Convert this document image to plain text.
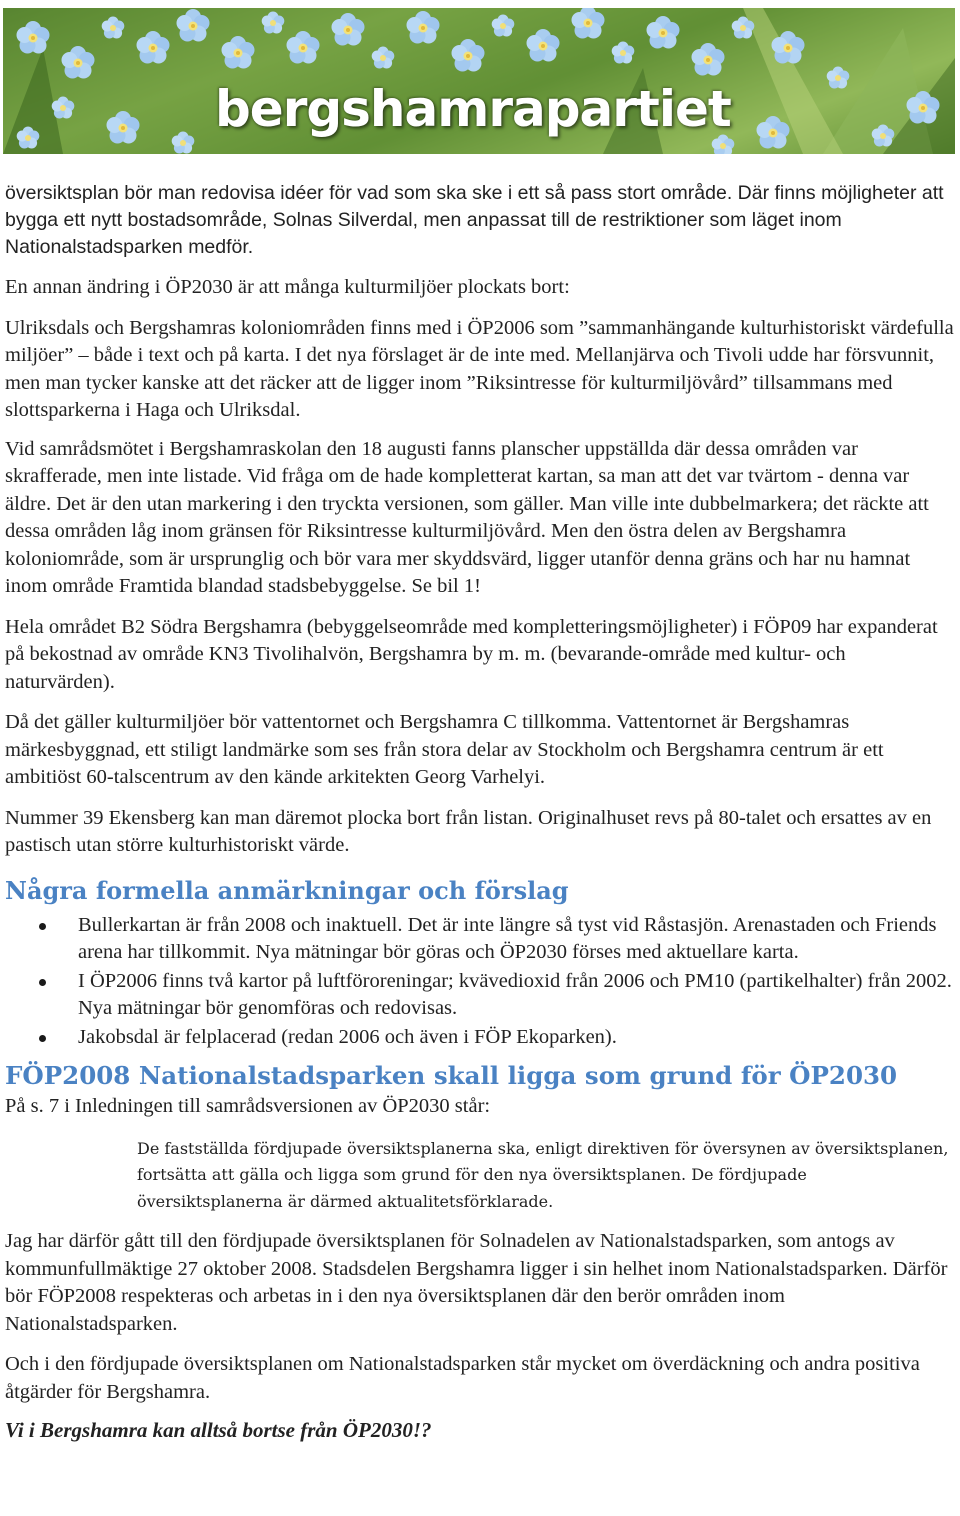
bergshamrapartiet

översiktsplan bör man redovisa idéer för vad som ska ske i ett så pass stort område. Där finns möjligheter att bygga ett nytt bostadsområde, Solnas Silverdal, men anpassat till de restriktioner som läget inom Nationalstadsparken medför.

En annan ändring i ÖP2030 är att många kulturmiljöer plockats bort:

Ulriksdals och Bergshamras koloniområden finns med i ÖP2006 som ”sammanhängande kulturhistoriskt värdefulla miljöer” – både i text och på karta. I det nya förslaget är de inte med. Mellanjärva och Tivoli udde har försvunnit, men man tycker kanske att det räcker att de ligger inom ”Riksintresse för kulturmiljövård” tillsammans med slottsparkerna i Haga och Ulriksdal.

Vid samrådsmötet i Bergshamraskolan den 18 augusti fanns planscher uppställda där dessa områden var skrafferade, men inte listade. Vid fråga om de hade kompletterat kartan, sa man att det var tvärtom - denna var äldre. Det är den utan markering i den tryckta versionen, som gäller. Man ville inte dubbelmarkera; det räckte att dessa områden låg inom gränsen för Riksintresse kulturmiljövård. Men den östra delen av Bergshamra koloniområde, som är ursprunglig och bör vara mer skyddsvärd, ligger utanför denna gräns och har nu hamnat inom område Framtida blandad stadsbebyggelse. Se bil 1!

Hela området B2 Södra Bergshamra (bebyggelseområde med kompletteringsmöjligheter) i FÖP09 har expanderat på bekostnad av område KN3 Tivolihalvön, Bergshamra by m. m. (bevarande-område med kultur- och naturvärden).

Då det gäller kulturmiljöer bör vattentornet och Bergshamra C tillkomma. Vattentornet är Bergshamras märkesbyggnad, ett stiligt landmärke som ses från stora delar av Stockholm och Bergshamra centrum är ett ambitiöst 60-talscentrum av den kände arkitekten Georg Varhelyi.

Nummer 39 Ekensberg kan man däremot plocka bort från listan. Originalhuset revs på 80-talet och ersattes av en pastisch utan större kulturhistoriskt värde.

Några formella anmärkningar och förslag
Bullerkartan är från 2008 och inaktuell. Det är inte längre så tyst vid Råstasjön. Arenastaden och Friends arena har tillkommit. Nya mätningar bör göras och ÖP2030 förses med aktuellare karta.
I ÖP2006 finns två kartor på luftföroreningar; kvävedioxid från 2006 och PM10 (partikelhalter) från 2002. Nya mätningar bör genomföras och redovisas.
Jakobsdal är felplacerad (redan 2006 och även i FÖP Ekoparken).
FÖP2008 Nationalstadsparken skall ligga som grund för ÖP2030

På s. 7 i Inledningen till samrådsversionen av ÖP2030 står:

De fastställda fördjupade översiktsplanerna ska, enligt direktiven för översynen av översiktsplanen, fortsätta att gälla och ligga som grund för den nya översiktsplanen. De fördjupade översiktsplanerna är därmed aktualitetsförklarade.

Jag har därför gått till den fördjupade översiktsplanen för Solnadelen av Nationalstadsparken, som antogs av kommunfullmäktige 27 oktober 2008. Stadsdelen Bergshamra ligger i sin helhet inom Nationalstadsparken. Därför bör FÖP2008 respekteras och arbetas in i den nya översiktsplanen där den berör områden inom Nationalstadsparken.

Och i den fördjupade översiktsplanen om Nationalstadsparken står mycket om överdäckning och andra positiva åtgärder för Bergshamra.

Vi i Bergshamra kan alltså bortse från ÖP2030!?
